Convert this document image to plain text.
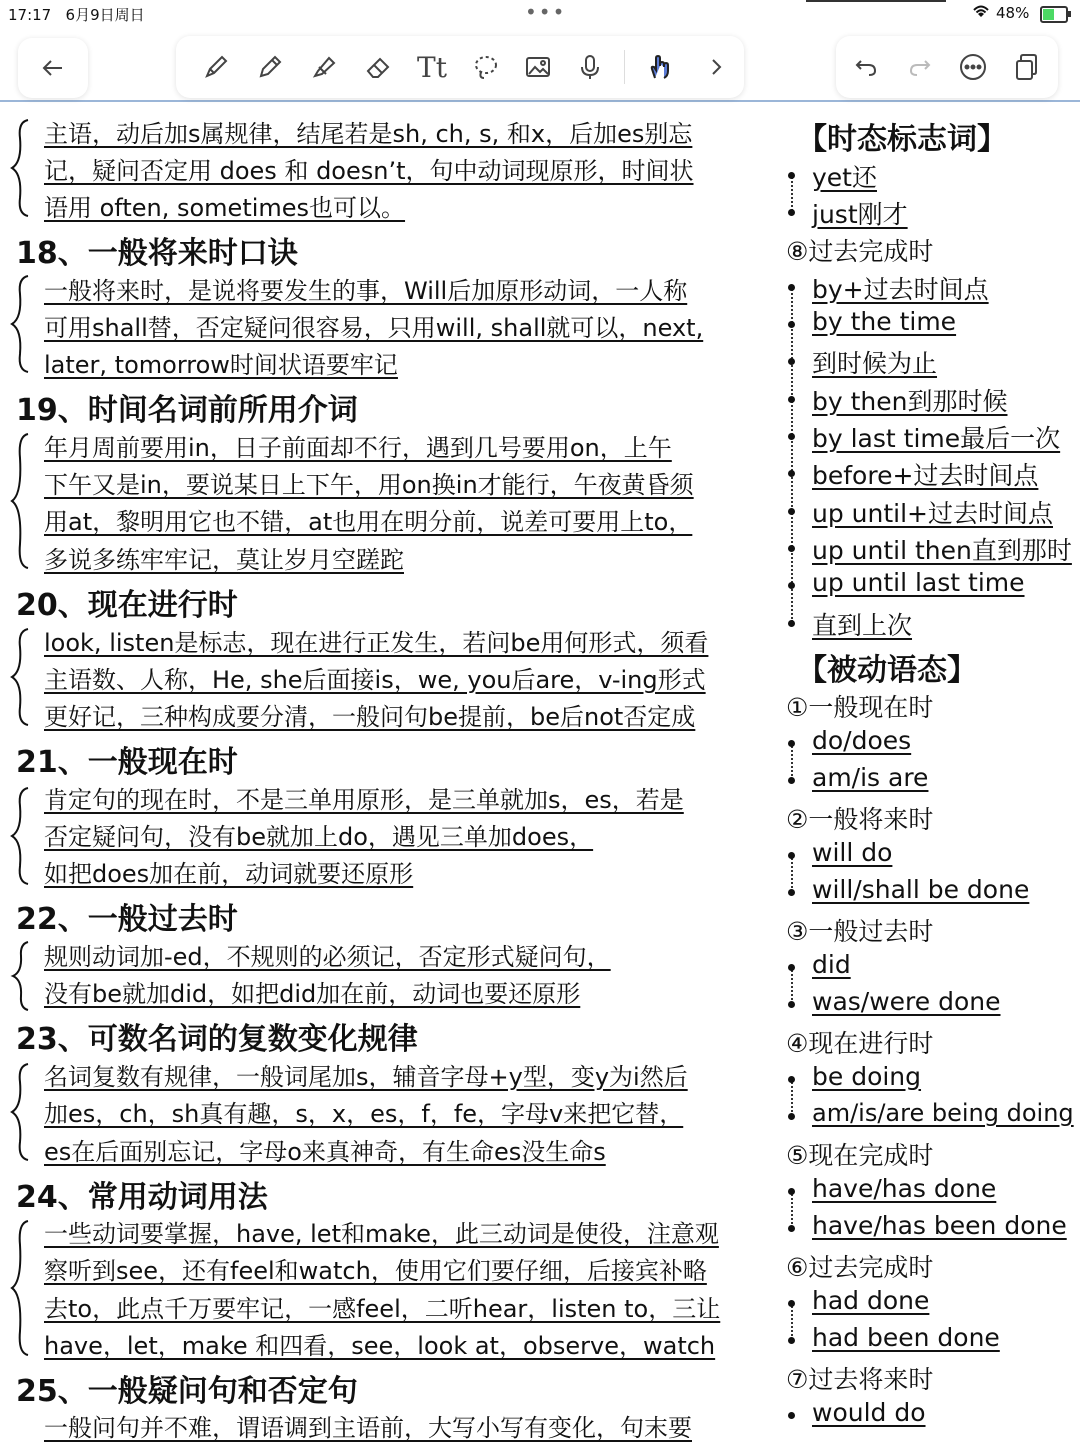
17:17 6月9日周日	•••	48%
Tt
主语，动后加s属规律，结尾若是sh, ch, s, 和x，后加es别忘
记，疑问否定用 does 和 doesn’t，句中动词现原形，时间状
语用 often, sometimes也可以。
18、一般将来时口诀
一般将来时，是说将要发生的事，Will后加原形动词，一人称
可用shall替，否定疑问很容易，只用will, shall就可以，next,
later, tomorrow时间状语要牢记
19、时间名词前所用介词
年月周前要用in，日子前面却不行，遇到几号要用on，上午
下午又是in，要说某日上下午，用on换in才能行，午夜黄昏须
用at，黎明用它也不错，at也用在明分前，说差可要用上to，
多说多练牢牢记，莫让岁月空蹉跎
20、现在进行时
look, listen是标志，现在进行正发生，若问be用何形式，须看
主语数、人称，He, she后面接is，we, you后are，v-ing形式
更好记，三种构成要分清，一般问句be提前，be后not否定成
21、一般现在时
肯定句的现在时，不是三单用原形，是三单就加s，es，若是
否定疑问句，没有be就加上do，遇见三单加does，
如把does加在前，动词就要还原形
22、一般过去时
规则动词加-ed，不规则的必须记，否定形式疑问句，
没有be就加did，如把did加在前，动词也要还原形
23、可数名词的复数变化规律
名词复数有规律，一般词尾加s，辅音字母+y型，变y为i然后
加es，ch，sh真有趣，s，x，es，f，fe，字母v来把它替，
es在后面别忘记，字母o来真神奇，有生命es没生命s
24、常用动词用法
一些动词要掌握，have, let和make，此三动词是使役，注意观
察听到see，还有feel和watch，使用它们要仔细，后接宾补略
去to，此点千万要牢记，一感feel，二听hear，listen to，三让
have，let，make 和四看，see，look at，observe，watch
25、一般疑问句和否定句
一般问句并不难，谓语调到主语前，大写小写有变化，句末要
【时态标志词】
yet还
just刚才
⑧过去完成时
by+过去时间点
by the time
到时候为止
by then到那时候
by last time最后一次
before+过去时间点
up until+过去时间点
up until then直到那时
up until last time
直到上次
【被动语态】
①一般现在时
do/does
am/is are
②一般将来时
will do
will/shall be done
③一般过去时
did
was/were done
④现在进行时
be doing
am/is/are being doing
⑤现在完成时
have/has done
have/has been done
⑥过去完成时
had done
had been done
⑦过去将来时
would do
